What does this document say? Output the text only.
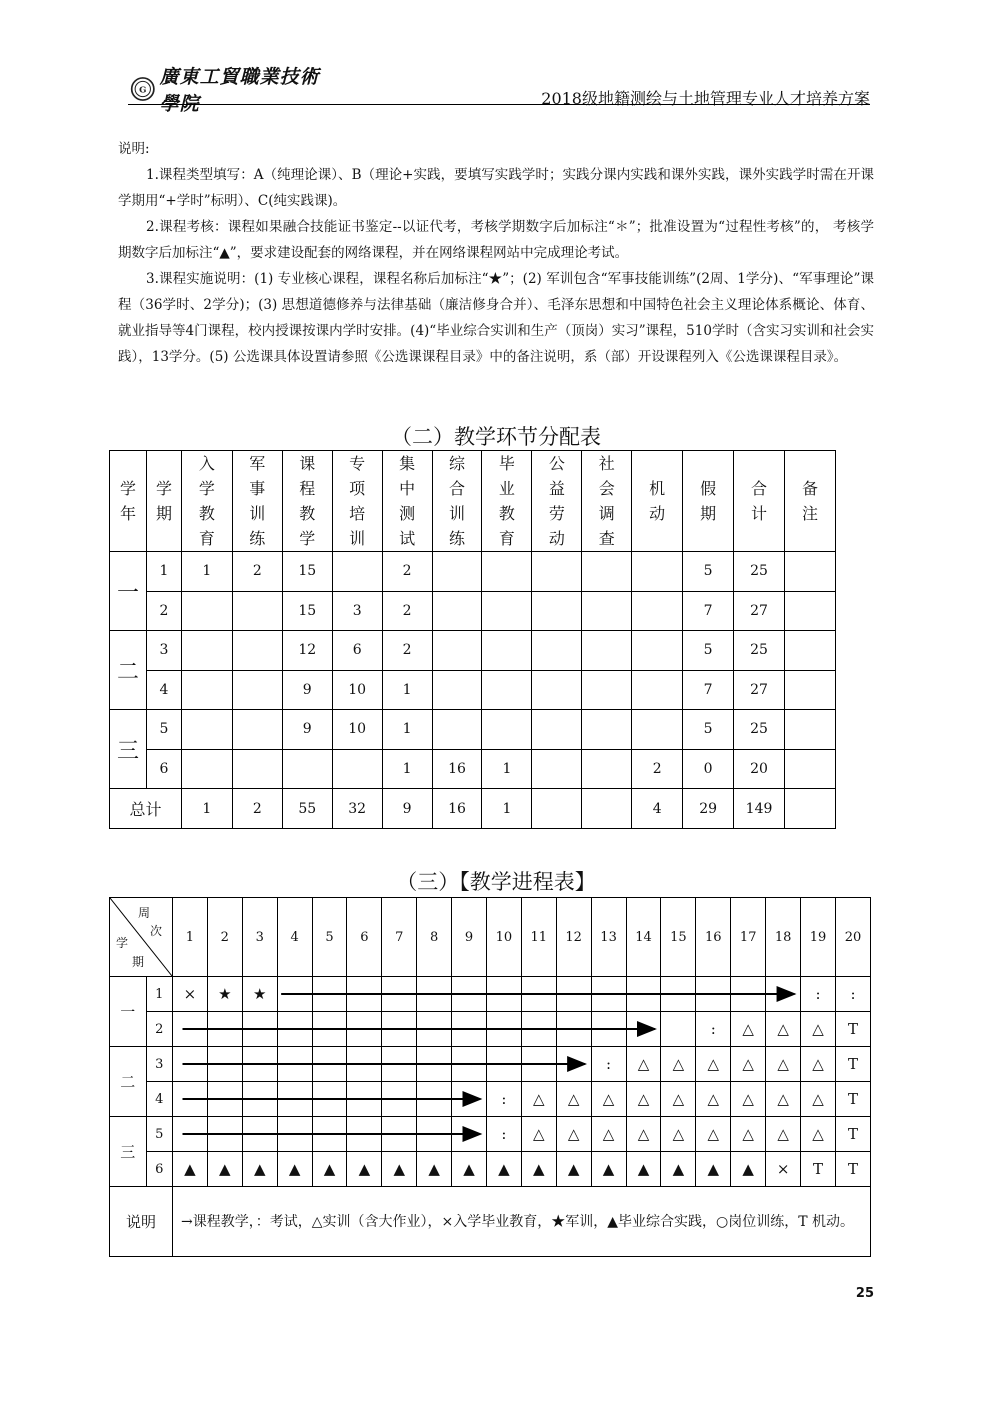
G
廣東工貿職業技術學院	2018级地籍测绘与土地管理专业人才培养方案

说明:

1.课程类型填写：A（纯理论课）、B（理论+实践，要填写实践学时；实践分课内实践和课外实践，课外实践学时需在开课学期用“+学时”标明）、C(纯实践课)。

2.课程考核：课程如果融合技能证书鉴定--以证代考，考核学期数字后加标注“＊”；批准设置为“过程性考核”的， 考核学期数字后加标注“▲”，要求建设配套的网络课程，并在网络课程网站中完成理论考试。

3.课程实施说明：(1) 专业核心课程，课程名称后加标注“★”；(2) 军训包含“军事技能训练”(2周、1学分)、“军事理论”课程（36学时、2学分)；(3) 思想道德修养与法律基础（廉洁修身合并）、毛泽东思想和中国特色社会主义理论体系概论、体育、就业指导等4门课程，校内授课按课内学时安排。(4)“毕业综合实训和生产（顶岗）实习”课程，510学时（含实习实训和社会实践），13学分。(5) 公选课具体设置请参照《公选课课程目录》中的备注说明，系（部）开设课程列入《公选课课程目录》。

（二）教学环节分配表
学年	学期	入学教育	军事训练	课程教学	专项培训	集中测试	综合训练	毕业教育	公益劳动	社会调查	机动	假期	合计	备注
一	1	1	2	15		2						5	25	
	2			15	3	2						7	27	
二	3			12	6	2						5	25	
	4			9	10	1						7	27	
三	5			9	10	1						5	25	
	6					1	16	1			2	0	20	
总计		1	2	55	32	9	16	1			4	29	149	
（三）【教学进程表】
周
次
学
期		1	2	3	4	5	6	7	8	9	10	11	12	13	14	15	16	17	18	19	20
一	1	×	★	★																:	:
	2																:	△	△	△	T
二	3													:	△	△	△	△	△	△	T
	4										:	△	△	△	△	△	△	△	△	△	T
三	5										:	△	△	△	△	△	△	△	△	△	T
	6	▲	▲	▲	▲	▲	▲	▲	▲	▲	▲	▲	▲	▲	▲	▲	▲	▲	×	T	T
说明		→课程教学，：考试，△实训（含大作业），×入学毕业教育，★军训，▲毕业综合实践，○岗位训练，T 机动。																			
25
